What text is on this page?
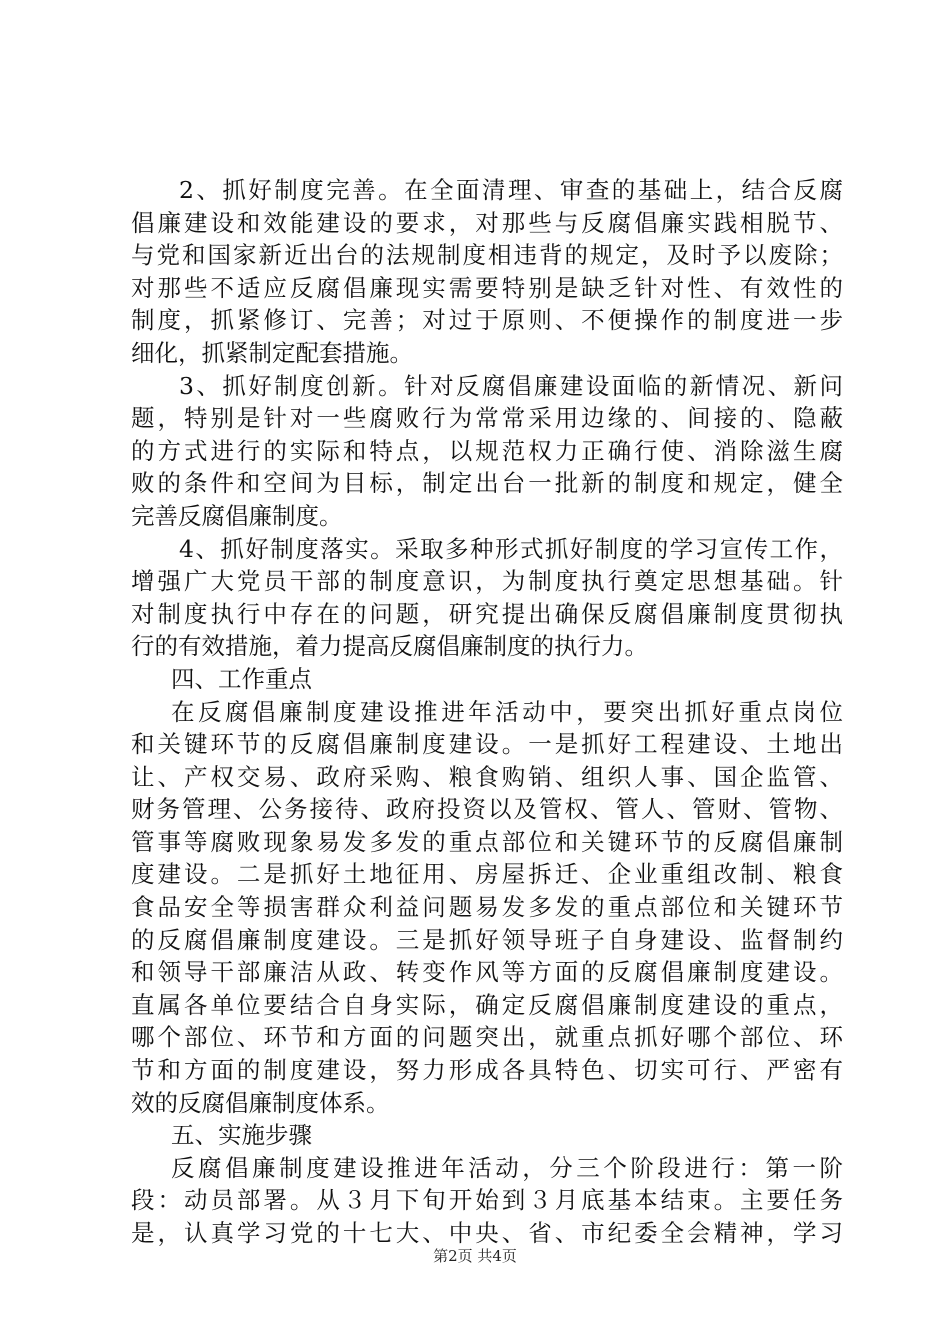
2、抓好制度完善。在全面清理、审查的基础上，结合反腐
倡廉建设和效能建设的要求，对那些与反腐倡廉实践相脱节、
与党和国家新近出台的法规制度相违背的规定，及时予以废除；
对那些不适应反腐倡廉现实需要特别是缺乏针对性、有效性的
制度，抓紧修订、完善；对过于原则、不便操作的制度进一步
细化，抓紧制定配套措施。
3、抓好制度创新。针对反腐倡廉建设面临的新情况、新问
题，特别是针对一些腐败行为常常采用边缘的、间接的、隐蔽
的方式进行的实际和特点，以规范权力正确行使、消除滋生腐
败的条件和空间为目标，制定出台一批新的制度和规定，健全
完善反腐倡廉制度。
4、抓好制度落实。采取多种形式抓好制度的学习宣传工作，
增强广大党员干部的制度意识，为制度执行奠定思想基础。针
对制度执行中存在的问题，研究提出确保反腐倡廉制度贯彻执
行的有效措施，着力提高反腐倡廉制度的执行力。
四、工作重点
在反腐倡廉制度建设推进年活动中，要突出抓好重点岗位
和关键环节的反腐倡廉制度建设。一是抓好工程建设、土地出
让、产权交易、政府采购、粮食购销、组织人事、国企监管、
财务管理、公务接待、政府投资以及管权、管人、管财、管物、
管事等腐败现象易发多发的重点部位和关键环节的反腐倡廉制
度建设。二是抓好土地征用、房屋拆迁、企业重组改制、粮食
食品安全等损害群众利益问题易发多发的重点部位和关键环节
的反腐倡廉制度建设。三是抓好领导班子自身建设、监督制约
和领导干部廉洁从政、转变作风等方面的反腐倡廉制度建设。
直属各单位要结合自身实际，确定反腐倡廉制度建设的重点，
哪个部位、环节和方面的问题突出，就重点抓好哪个部位、环
节和方面的制度建设，努力形成各具特色、切实可行、严密有
效的反腐倡廉制度体系。
五、实施步骤
反腐倡廉制度建设推进年活动，分三个阶段进行：第一阶
段：动员部署。从３月下旬开始到３月底基本结束。主要任务
是，认真学习党的十七大、中央、省、市纪委全会精神，学习
第2页 共4页
